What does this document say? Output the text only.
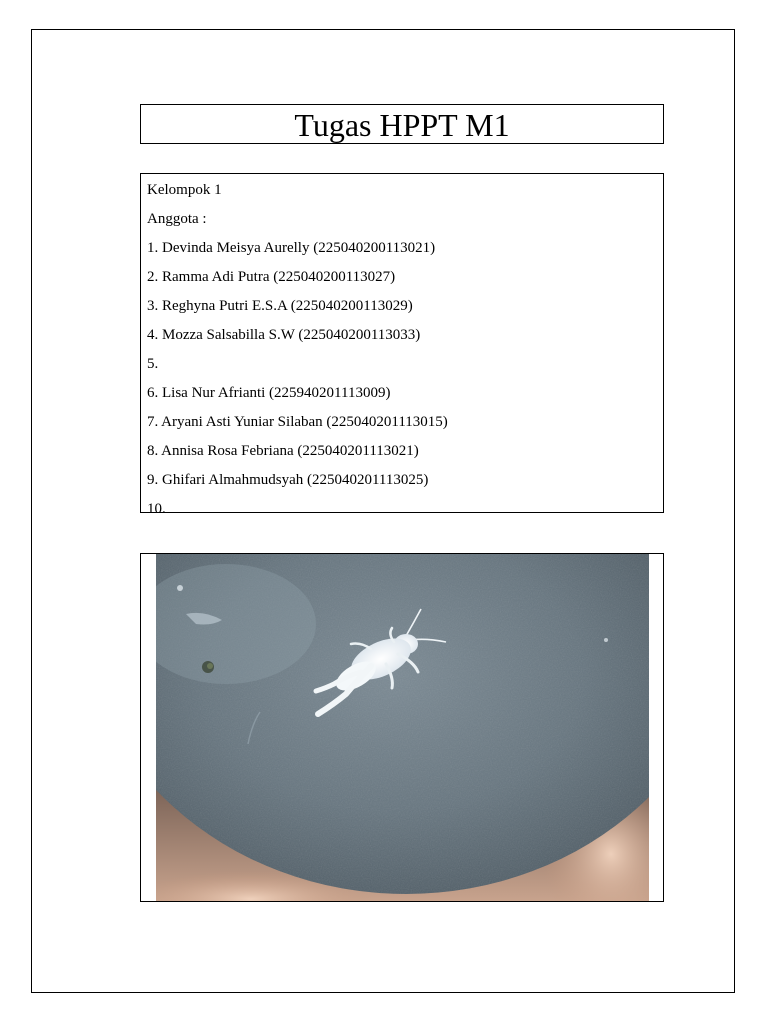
Tugas HPPT M1
Kelompok 1
Anggota :
1. Devinda Meisya Aurelly (225040200113021)
2. Ramma Adi Putra (225040200113027)
3. Reghyna Putri E.S.A (225040200113029)
4. Mozza Salsabilla S.W (225040200113033)
5.
6. Lisa Nur Afrianti (225940201113009)
7. Aryani Asti Yuniar Silaban (225040201113015)
8. Annisa Rosa Febriana (225040201113021)
9. Ghifari Almahmudsyah (225040201113025)
10.
